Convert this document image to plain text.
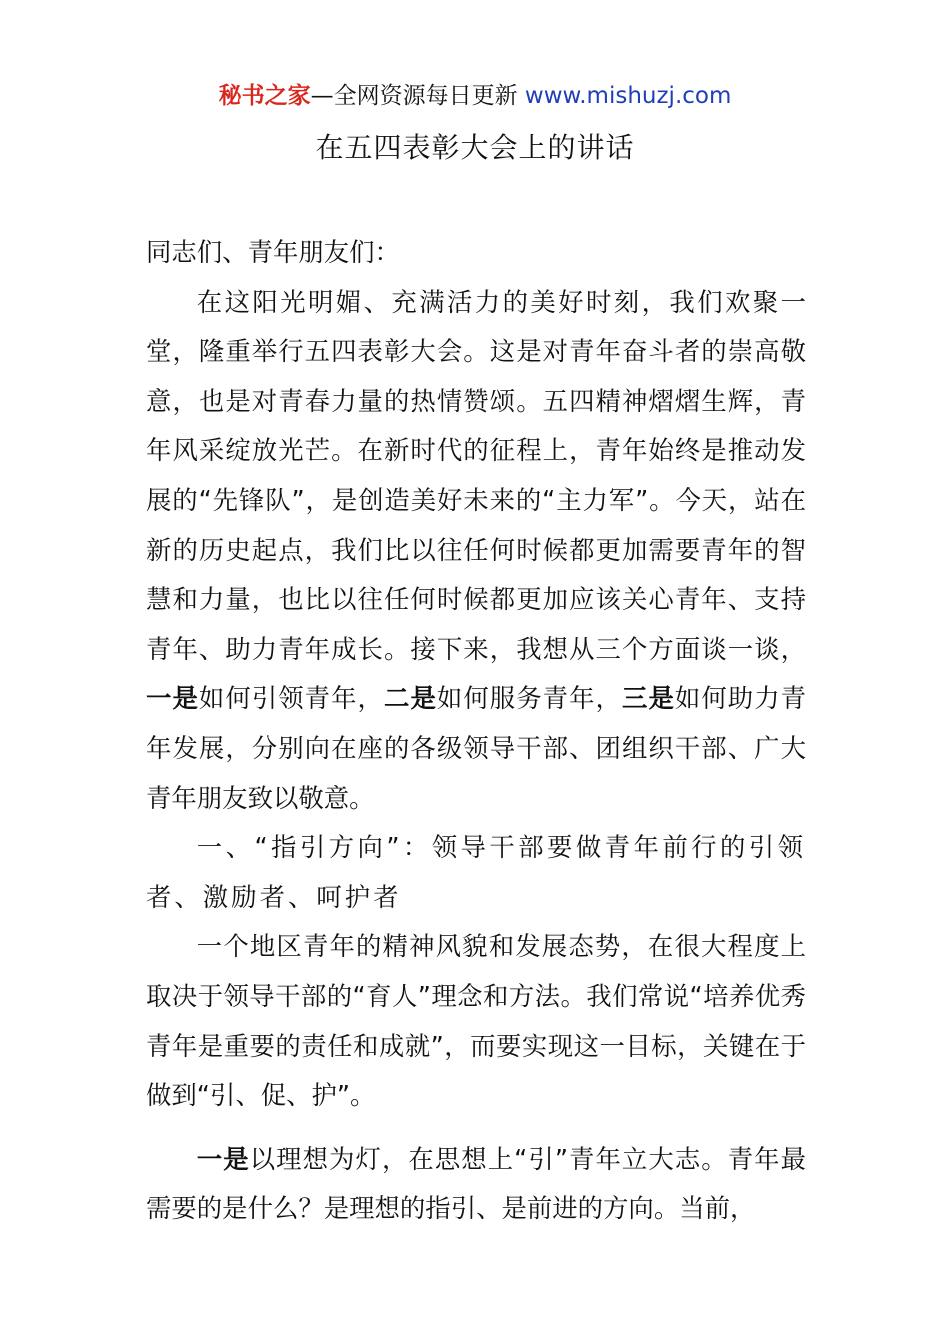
秘书之家—全网资源每日更新 www.mishuzj.com
在五四表彰大会上的讲话

同志们、青年朋友们：

在这阳光明媚、充满活力的美好时刻，我们欢聚一堂，隆重举行五四表彰大会。这是对青年奋斗者的崇高敬意，也是对青春力量的热情赞颂。五四精神熠熠生辉，青年风采绽放光芒。在新时代的征程上，青年始终是推动发展的“先锋队”，是创造美好未来的“主力军”。今天，站在新的历史起点，我们比以往任何时候都更加需要青年的智慧和力量，也比以往任何时候都更加应该关心青年、支持青年、助力青年成长。接下来，我想从三个方面谈一谈，一是如何引领青年，二是如何服务青年，三是如何助力青年发展，分别向在座的各级领导干部、团组织干部、广大青年朋友致以敬意。

一、“指引方向”：领导干部要做青年前行的引领者、激励者、呵护者

一个地区青年的精神风貌和发展态势，在很大程度上取决于领导干部的“育人”理念和方法。我们常说“培养优秀青年是重要的责任和成就”，而要实现这一目标，关键在于做到“引、促、护”。

一是以理想为灯，在思想上“引”青年立大志。青年最需要的是什么？是理想的指引、是前进的方向。当前，
